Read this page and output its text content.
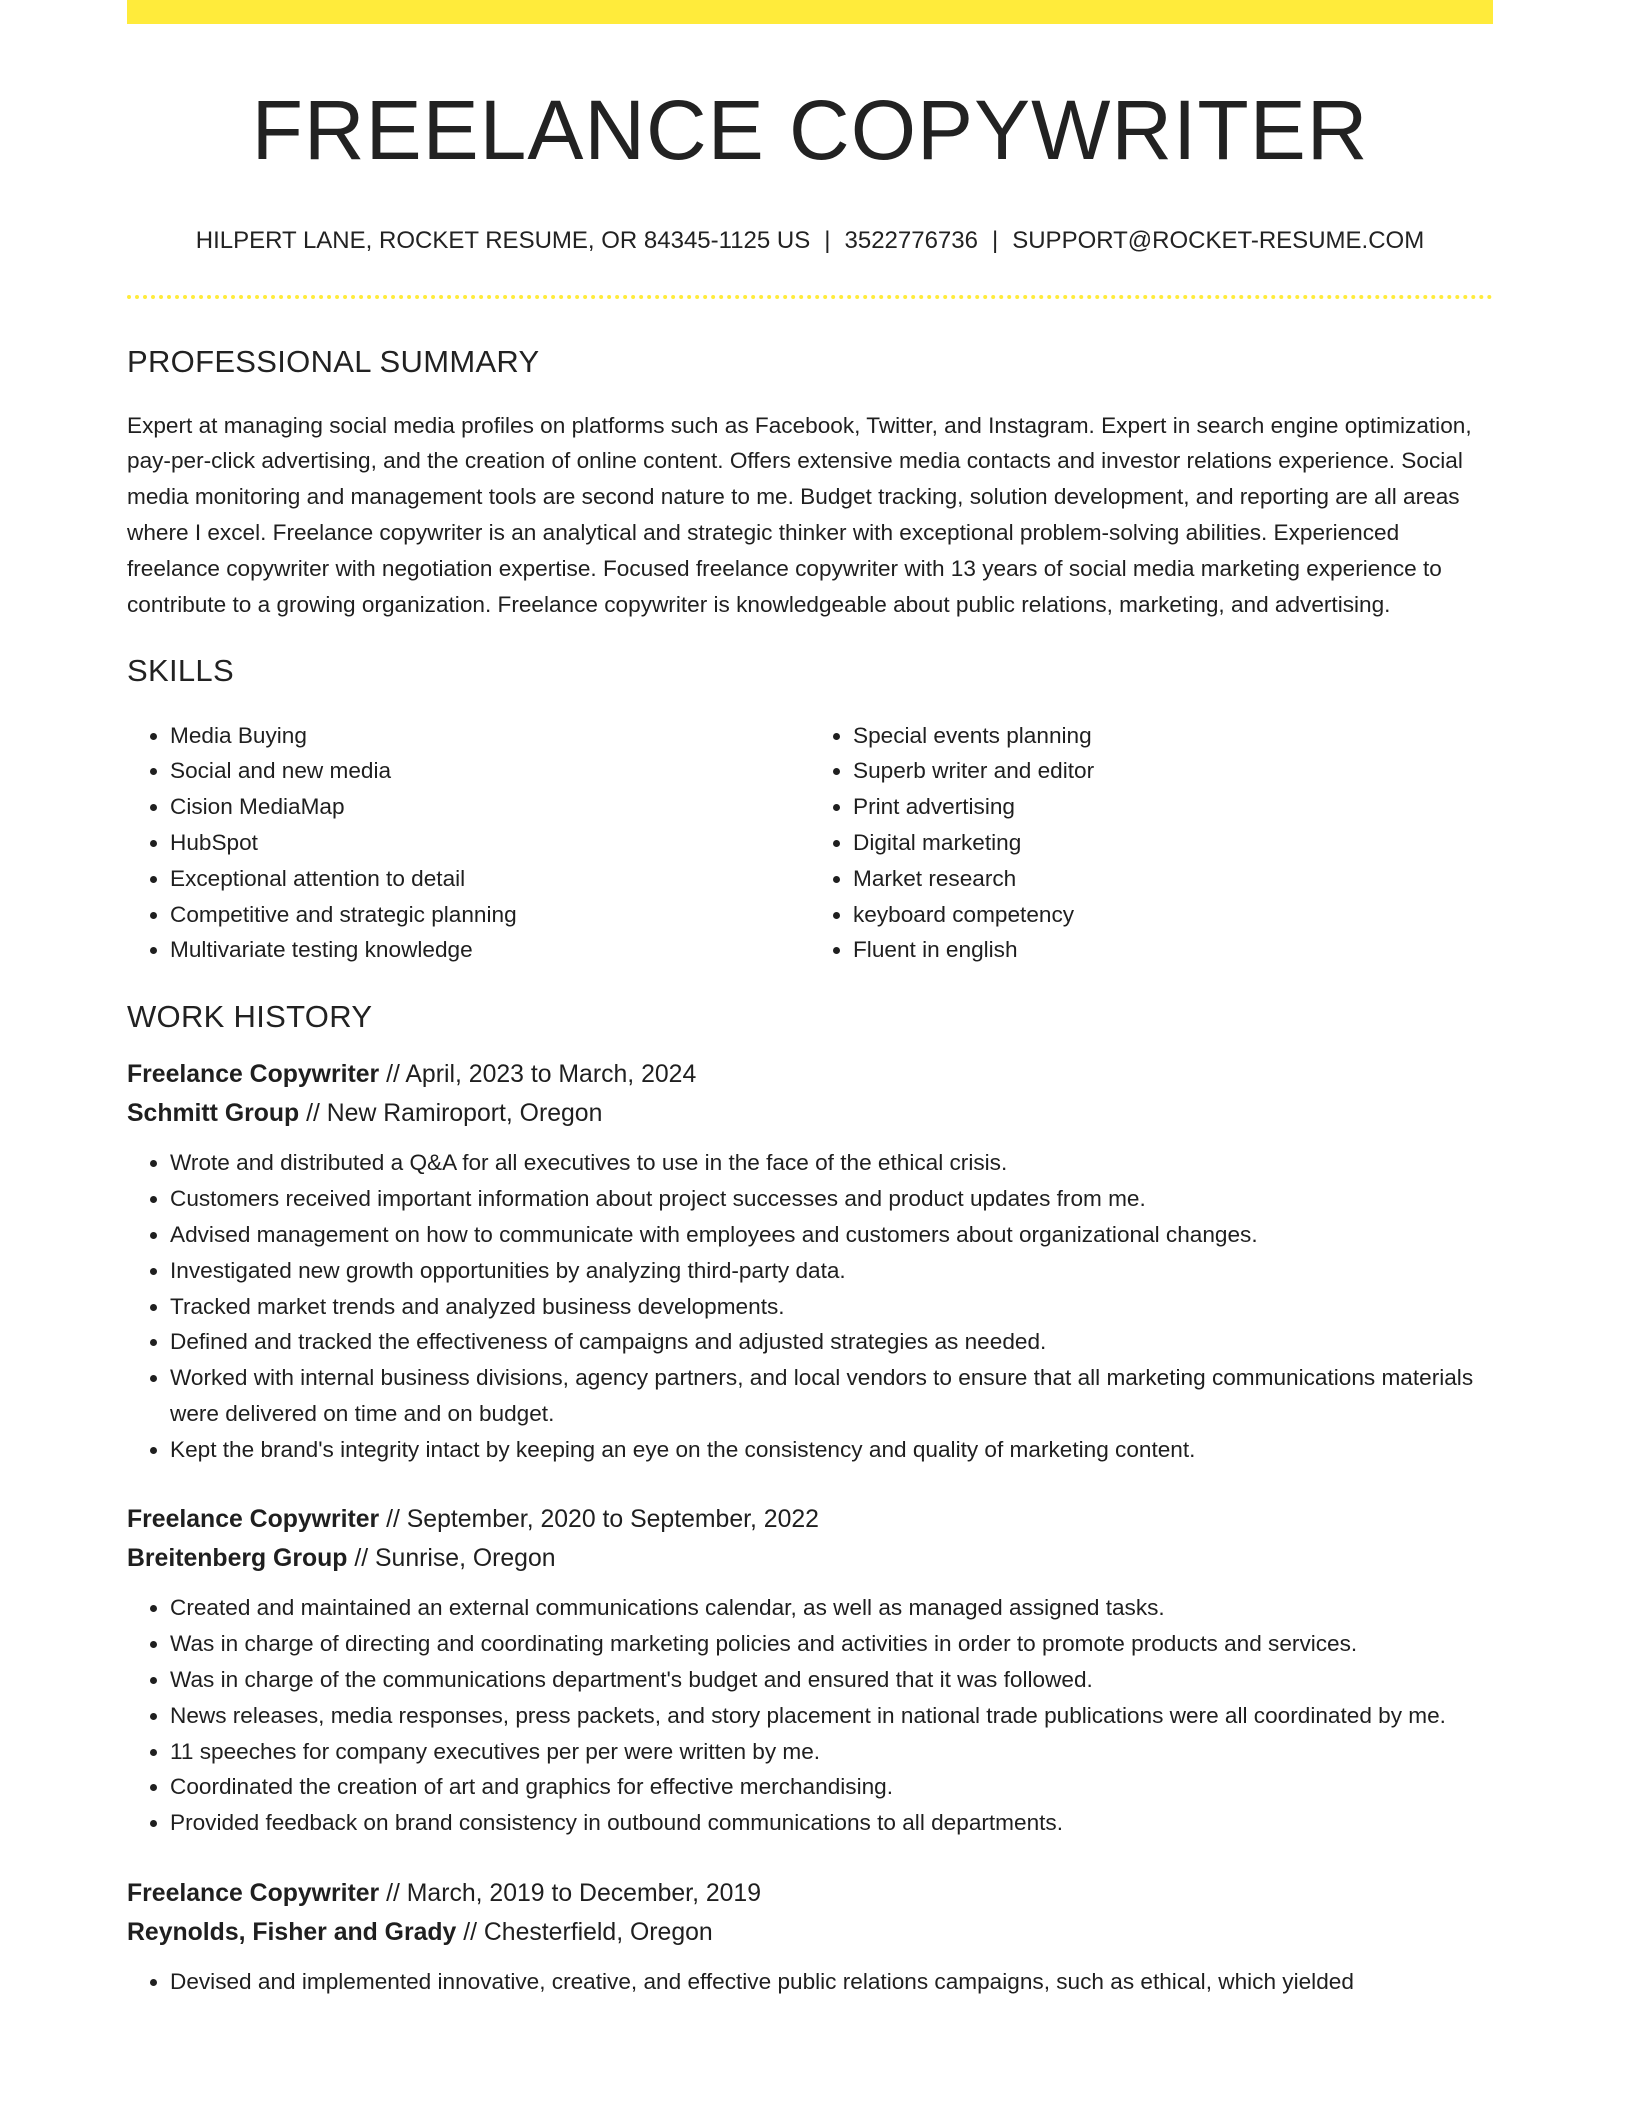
FREELANCE COPYWRITER
HILPERT LANE, ROCKET RESUME, OR 84345-1125 US | 3522776736 | SUPPORT@ROCKET-RESUME.COM
PROFESSIONAL SUMMARY

Expert at managing social media profiles on platforms such as Facebook, Twitter, and Instagram. Expert in search engine optimization, pay-per-click advertising, and the creation of online content. Offers extensive media contacts and investor relations experience. Social media monitoring and management tools are second nature to me. Budget tracking, solution development, and reporting are all areas where I excel. Freelance copywriter is an analytical and strategic thinker with exceptional problem-solving abilities. Experienced freelance copywriter with negotiation expertise. Focused freelance copywriter with 13 years of social media marketing experience to contribute to a growing organization. Freelance copywriter is knowledgeable about public relations, marketing, and advertising.

SKILLS
• Media Buying
• Social and new media
• Cision MediaMap
• HubSpot
• Exceptional attention to detail
• Competitive and strategic planning
• Multivariate testing knowledge
• Special events planning
• Superb writer and editor
• Print advertising
• Digital marketing
• Market research
• keyboard competency
• Fluent in english
WORK HISTORY
Freelance Copywriter // April, 2023 to March, 2024
Schmitt Group // New Ramiroport, Oregon
• Wrote and distributed a Q&A for all executives to use in the face of the ethical crisis.
• Customers received important information about project successes and product updates from me.
• Advised management on how to communicate with employees and customers about organizational changes.
• Investigated new growth opportunities by analyzing third-party data.
• Tracked market trends and analyzed business developments.
• Defined and tracked the effectiveness of campaigns and adjusted strategies as needed.
• Worked with internal business divisions, agency partners, and local vendors to ensure that all marketing communications materials were delivered on time and on budget.
• Kept the brand's integrity intact by keeping an eye on the consistency and quality of marketing content.
Freelance Copywriter // September, 2020 to September, 2022
Breitenberg Group // Sunrise, Oregon
• Created and maintained an external communications calendar, as well as managed assigned tasks.
• Was in charge of directing and coordinating marketing policies and activities in order to promote products and services.
• Was in charge of the communications department's budget and ensured that it was followed.
• News releases, media responses, press packets, and story placement in national trade publications were all coordinated by me.
• 11 speeches for company executives per per were written by me.
• Coordinated the creation of art and graphics for effective merchandising.
• Provided feedback on brand consistency in outbound communications to all departments.
Freelance Copywriter // March, 2019 to December, 2019
Reynolds, Fisher and Grady // Chesterfield, Oregon
• Devised and implemented innovative, creative, and effective public relations campaigns, such as ethical, which yielded
